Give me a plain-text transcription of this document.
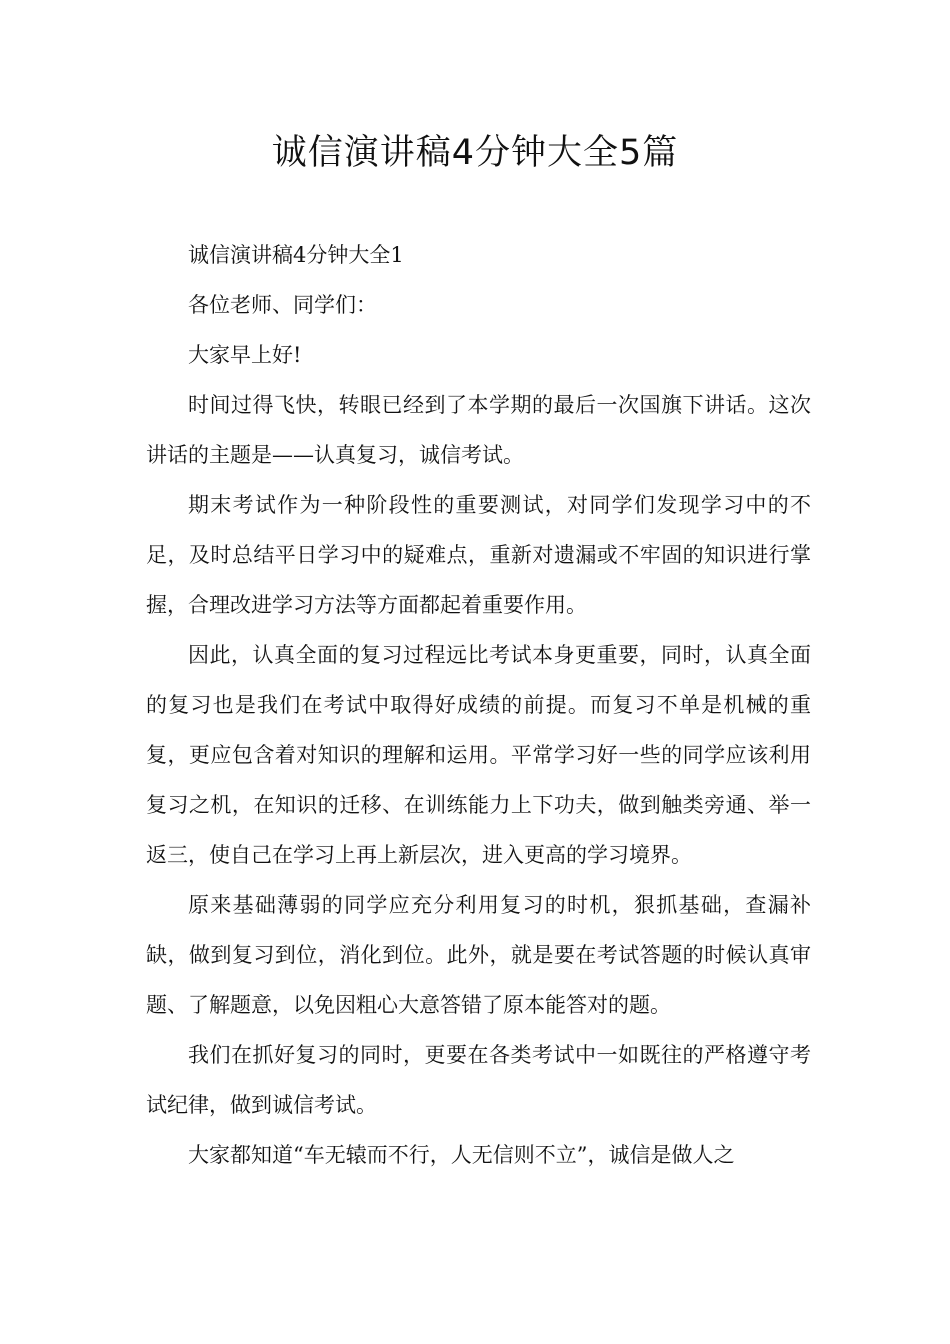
诚信演讲稿4分钟大全5篇

诚信演讲稿4分钟大全1

各位老师、同学们：

大家早上好!

时间过得飞快，转眼已经到了本学期的最后一次国旗下讲话。这次讲话的主题是——认真复习，诚信考试。

期末考试作为一种阶段性的重要测试，对同学们发现学习中的不足，及时总结平日学习中的疑难点，重新对遗漏或不牢固的知识进行掌握，合理改进学习方法等方面都起着重要作用。

因此，认真全面的复习过程远比考试本身更重要，同时，认真全面的复习也是我们在考试中取得好成绩的前提。而复习不单是机械的重复，更应包含着对知识的理解和运用。平常学习好一些的同学应该利用复习之机，在知识的迁移、在训练能力上下功夫，做到触类旁通、举一返三，使自己在学习上再上新层次，进入更高的学习境界。

原来基础薄弱的同学应充分利用复习的时机，狠抓基础，查漏补缺，做到复习到位，消化到位。此外，就是要在考试答题的时候认真审题、了解题意，以免因粗心大意答错了原本能答对的题。

我们在抓好复习的同时，更要在各类考试中一如既往的严格遵守考试纪律，做到诚信考试。

大家都知道“车无辕而不行，人无信则不立”，诚信是做人之
